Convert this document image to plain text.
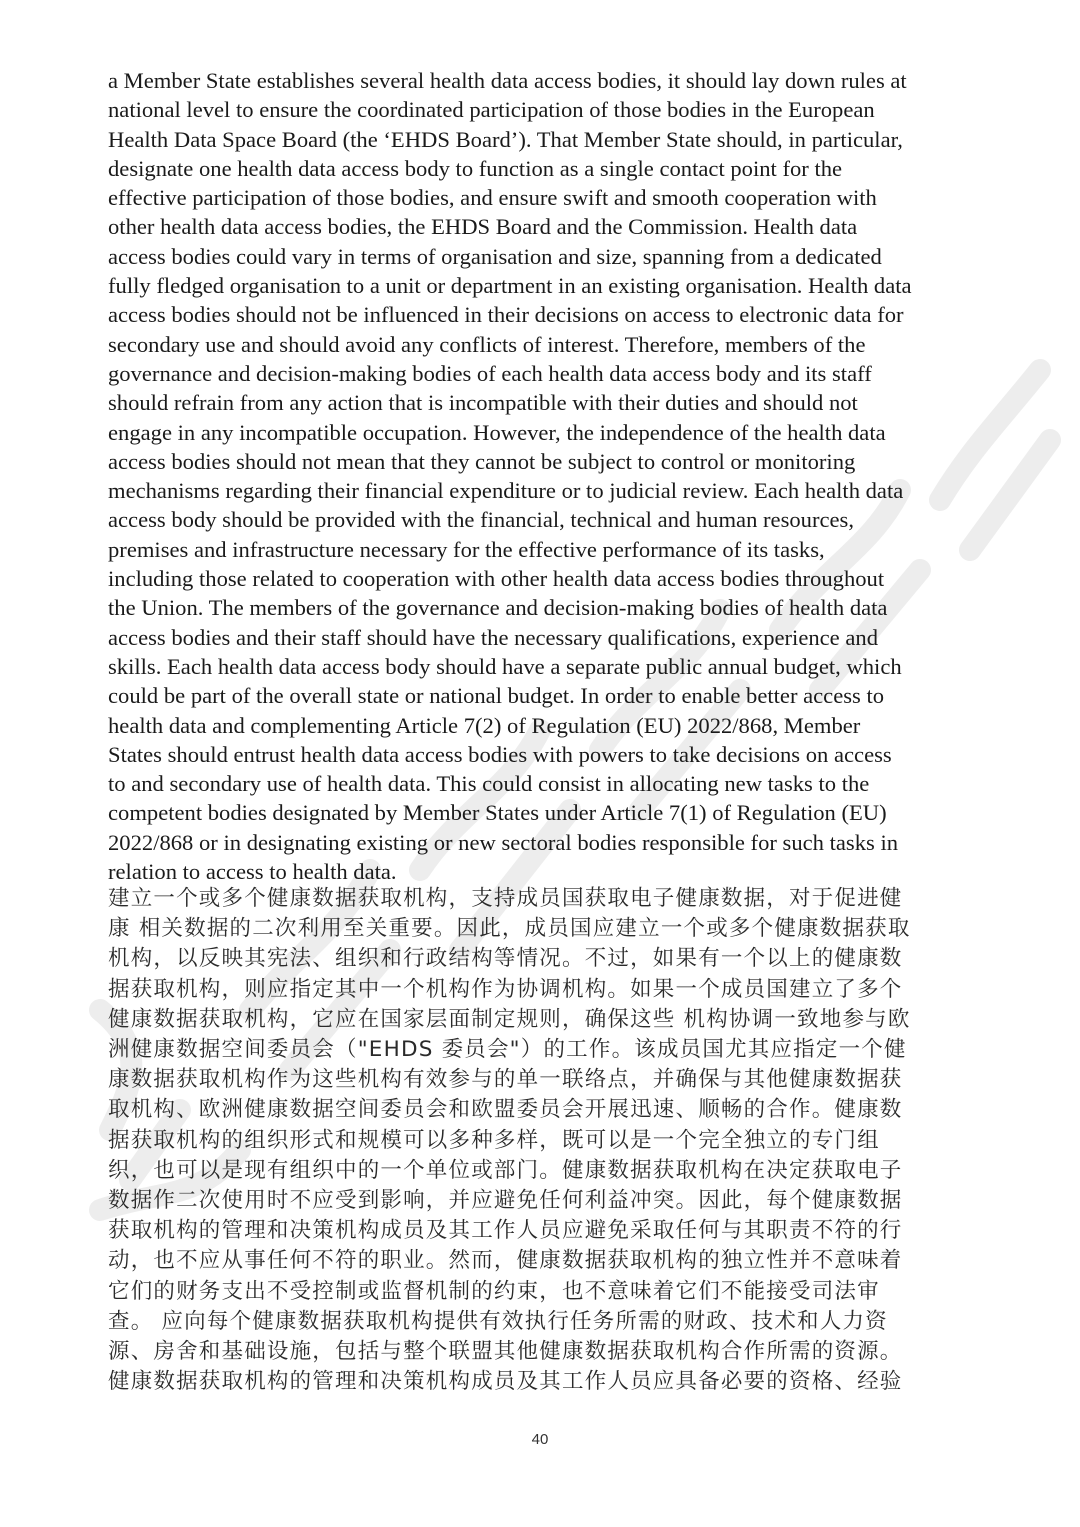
a Member State establishes several health data access bodies, it should lay down rules at
national level to ensure the coordinated participation of those bodies in the European
Health Data Space Board (the ‘EHDS Board’). That Member State should, in particular,
designate one health data access body to function as a single contact point for the
effective participation of those bodies, and ensure swift and smooth cooperation with
other health data access bodies, the EHDS Board and the Commission. Health data
access bodies could vary in terms of organisation and size, spanning from a dedicated
fully fledged organisation to a unit or department in an existing organisation. Health data
access bodies should not be influenced in their decisions on access to electronic data for
secondary use and should avoid any conflicts of interest. Therefore, members of the
governance and decision-making bodies of each health data access body and its staff
should refrain from any action that is incompatible with their duties and should not
engage in any incompatible occupation. However, the independence of the health data
access bodies should not mean that they cannot be subject to control or monitoring
mechanisms regarding their financial expenditure or to judicial review. Each health data
access body should be provided with the financial, technical and human resources,
premises and infrastructure necessary for the effective performance of its tasks,
including those related to cooperation with other health data access bodies throughout
the Union. The members of the governance and decision-making bodies of health data
access bodies and their staff should have the necessary qualifications, experience and
skills. Each health data access body should have a separate public annual budget, which
could be part of the overall state or national budget. In order to enable better access to
health data and complementing Article 7(2) of Regulation (EU) 2022/868, Member
States should entrust health data access bodies with powers to take decisions on access
to and secondary use of health data. This could consist in allocating new tasks to the
competent bodies designated by Member States under Article 7(1) of Regulation (EU)
2022/868 or in designating existing or new sectoral bodies responsible for such tasks in
relation to access to health data.
建立一个或多个健康数据获取机构，支持成员国获取电子健康数据，对于促进健
康 相关数据的二次利用至关重要。因此，成员国应建立一个或多个健康数据获取
机构，以反映其宪法、组织和行政结构等情况。不过，如果有一个以上的健康数
据获取机构，则应指定其中一个机构作为协调机构。如果一个成员国建立了多个
健康数据获取机构，它应在国家层面制定规则，确保这些 机构协调一致地参与欧
洲健康数据空间委员会（"EHDS 委员会"）的工作。该成员国尤其应指定一个健
康数据获取机构作为这些机构有效参与的单一联络点，并确保与其他健康数据获
取机构、欧洲健康数据空间委员会和欧盟委员会开展迅速、顺畅的合作。健康数
据获取机构的组织形式和规模可以多种多样，既可以是一个完全独立的专门组
织，也可以是现有组织中的一个单位或部门。健康数据获取机构在决定获取电子
数据作二次使用时不应受到影响，并应避免任何利益冲突。因此，每个健康数据
获取机构的管理和决策机构成员及其工作人员应避免采取任何与其职责不符的行
动，也不应从事任何不符的职业。然而，健康数据获取机构的独立性并不意味着
它们的财务支出不受控制或监督机制的约束，也不意味着它们不能接受司法审
查。 应向每个健康数据获取机构提供有效执行任务所需的财政、技术和人力资
源、房舍和基础设施，包括与整个联盟其他健康数据获取机构合作所需的资源。
健康数据获取机构的管理和决策机构成员及其工作人员应具备必要的资格、经验
40
